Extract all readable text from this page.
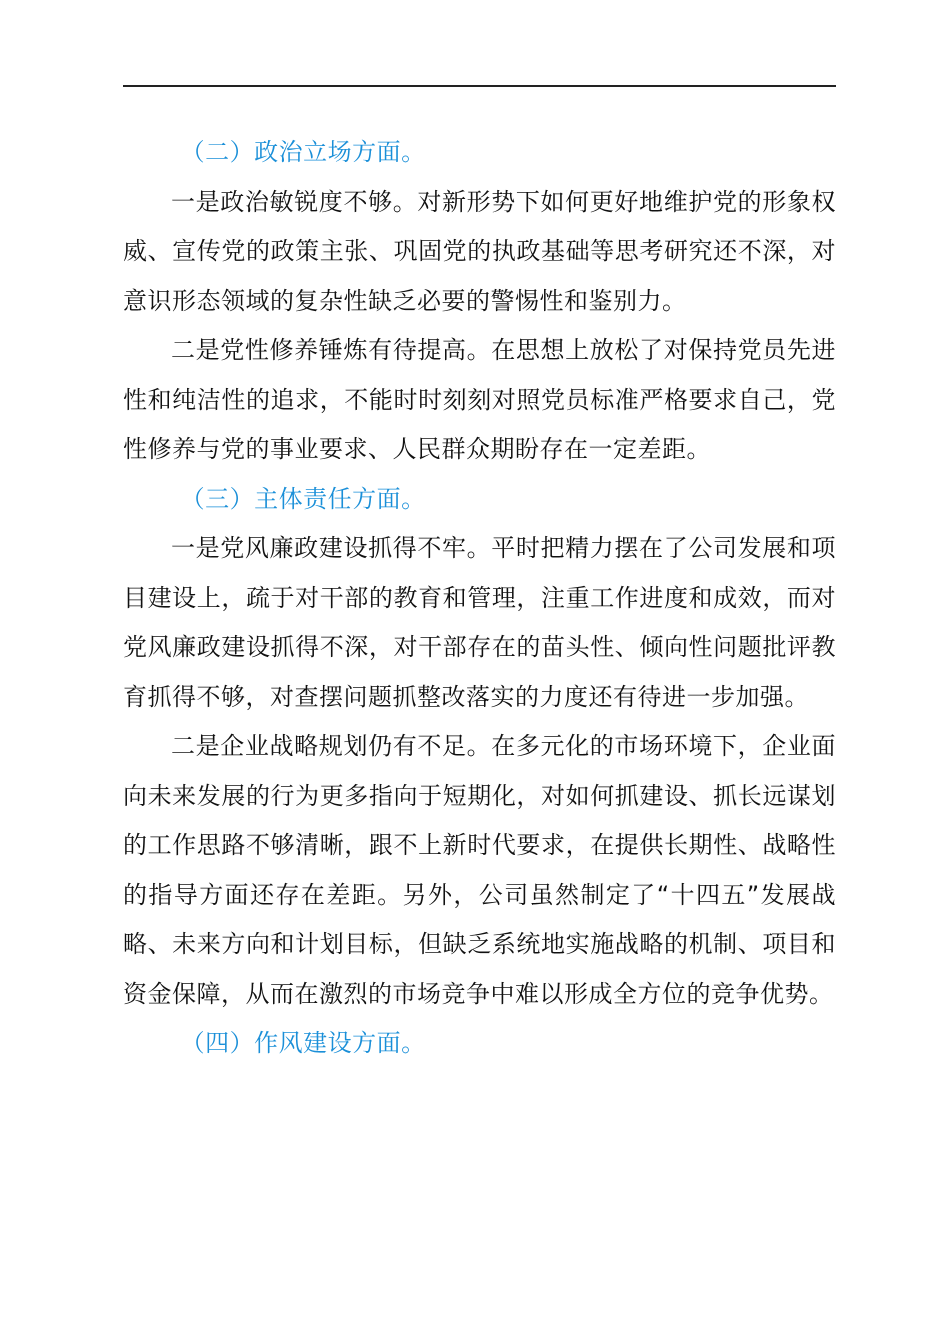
（二）政治立场方面。

一是政治敏锐度不够。对新形势下如何更好地维护党的形象权威、宣传党的政策主张、巩固党的执政基础等思考研究还不深，对意识形态领域的复杂性缺乏必要的警惕性和鉴别力。

二是党性修养锤炼有待提高。在思想上放松了对保持党员先进性和纯洁性的追求，不能时时刻刻对照党员标准严格要求自己，党性修养与党的事业要求、人民群众期盼存在一定差距。

（三）主体责任方面。

一是党风廉政建设抓得不牢。平时把精力摆在了公司发展和项目建设上，疏于对干部的教育和管理，注重工作进度和成效，而对党风廉政建设抓得不深，对干部存在的苗头性、倾向性问题批评教育抓得不够，对查摆问题抓整改落实的力度还有待进一步加强。

二是企业战略规划仍有不足。在多元化的市场环境下，企业面向未来发展的行为更多指向于短期化，对如何抓建设、抓长远谋划的工作思路不够清晰，跟不上新时代要求，在提供长期性、战略性的指导方面还存在差距。另外，公司虽然制定了“十四五”发展战略、未来方向和计划目标，但缺乏系统地实施战略的机制、项目和资金保障，从而在激烈的市场竞争中难以形成全方位的竞争优势。

（四）作风建设方面。
